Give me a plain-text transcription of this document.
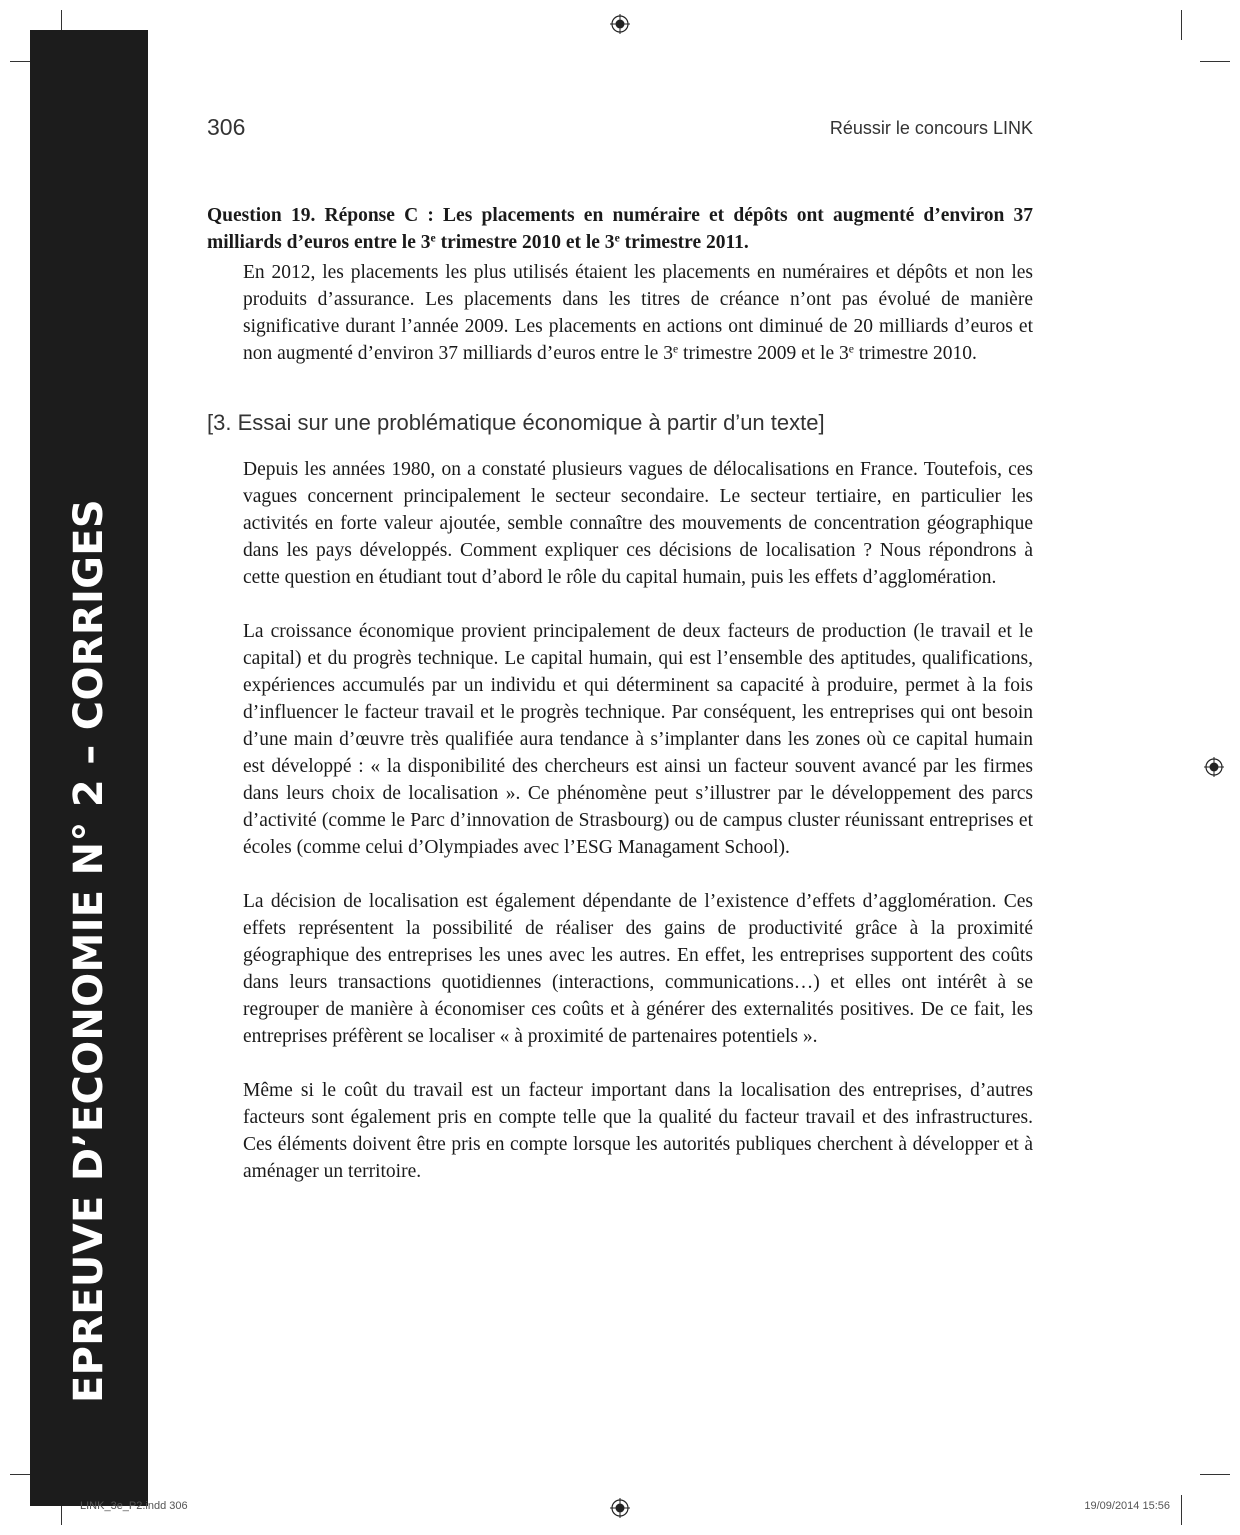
EPREUVE D’ECONOMIE N° 2 – CORRIGES
306	Réussir le concours LINK

Question 19. Réponse C : Les placements en numéraire et dépôts ont augmenté d’environ 37 milliards d’euros entre le 3e trimestre 2010 et le 3e trimestre 2011.

En 2012, les placements les plus utilisés étaient les placements en numéraires et dépôts et non les produits d’assurance. Les placements dans les titres de créance n’ont pas évolué de manière significative durant l’année 2009. Les placements en actions ont diminué de 20 milliards d’euros et non augmenté d’environ 37 milliards d’euros entre le 3e trimestre 2009 et le 3e trimestre 2010.

[3. Essai sur une problématique économique à partir d’un texte]

Depuis les années 1980, on a constaté plusieurs vagues de délocalisations en France. Toutefois, ces vagues concernent principalement le secteur secondaire. Le secteur tertiaire, en particulier les activités en forte valeur ajoutée, semble connaître des mouvements de concentration géographique dans les pays développés. Comment expliquer ces décisions de localisation ? Nous répondrons à cette question en étudiant tout d’abord le rôle du capital humain, puis les effets d’agglomération.

La croissance économique provient principalement de deux facteurs de production (le travail et le capital) et du progrès technique. Le capital humain, qui est l’ensemble des aptitudes, qualifications, expériences accumulés par un individu et qui déterminent sa capacité à produire, permet à la fois d’influencer le facteur travail et le progrès technique. Par conséquent, les entreprises qui ont besoin d’une main d’œuvre très qualifiée aura tendance à s’implanter dans les zones où ce capital humain est développé : « la disponibilité des chercheurs est ainsi un facteur souvent avancé par les firmes dans leurs choix de localisation ». Ce phénomène peut s’illustrer par le développement des parcs d’activité (comme le Parc d’innovation de Strasbourg) ou de campus cluster réunissant entreprises et écoles (comme celui d’Olympiades avec l’ESG Managament School).

La décision de localisation est également dépendante de l’existence d’effets d’agglomération. Ces effets représentent la possibilité de réaliser des gains de productivité grâce à la proximité géographique des entreprises les unes avec les autres. En effet, les entreprises supportent des coûts dans leurs transactions quotidiennes (interactions, communications…) et elles ont intérêt à se regrouper de manière à économiser ces coûts et à générer des externalités positives. De ce fait, les entreprises préfèrent se localiser « à proximité de partenaires potentiels ».

Même si le coût du travail est un facteur important dans la localisation des entreprises, d’autres facteurs sont également pris en compte telle que la qualité du facteur travail et des infrastructures. Ces éléments doivent être pris en compte lorsque les autorités publiques cherchent à développer et à aménager un territoire.

LINK_3e_P2.indd 306	19/09/2014 15:56
